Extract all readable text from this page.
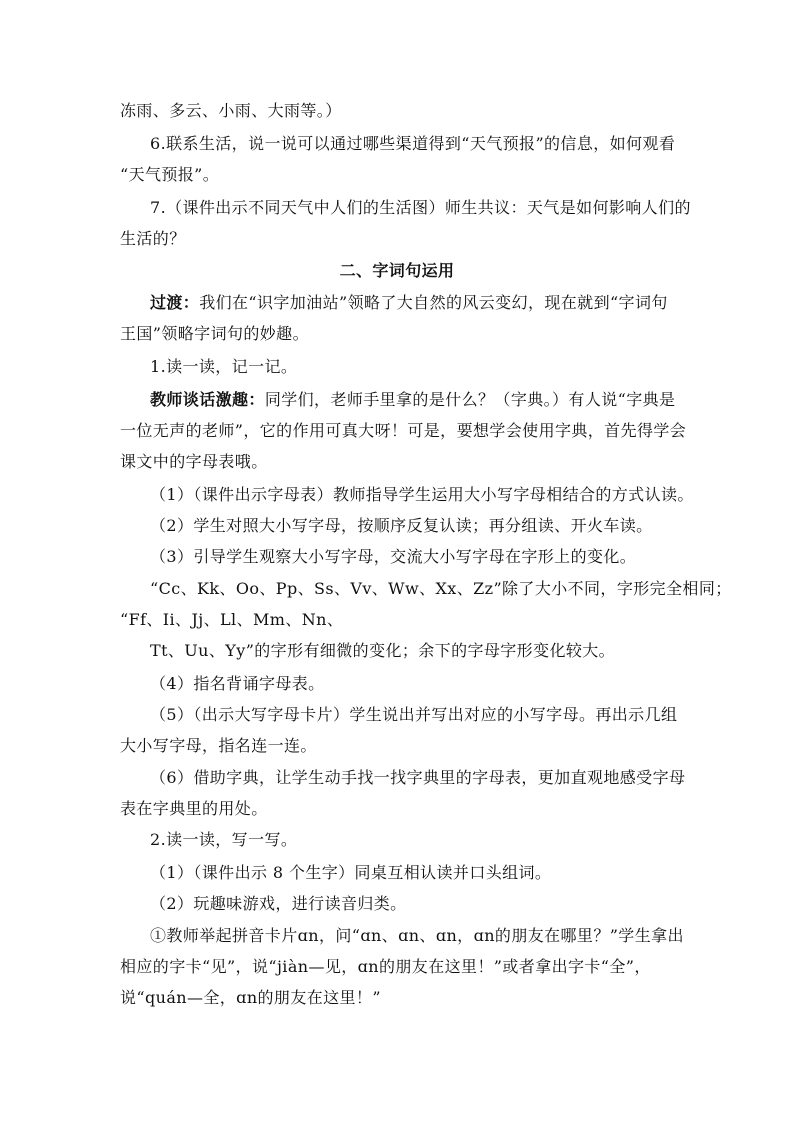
冻雨、多云、小雨、大雨等。）

6.联系生活，说一说可以通过哪些渠道得到“天气预报”的信息，如何观看

“天气预报”。

7.（课件出示不同天气中人们的生活图）师生共议：天气是如何影响人们的

生活的？

二、字词句运用

过渡：我们在“识字加油站”领略了大自然的风云变幻，现在就到“字词句

王国”领略字词句的妙趣。

1.读一读，记一记。

教师谈话激趣：同学们，老师手里拿的是什么？（字典。）有人说“字典是

一位无声的老师”，它的作用可真大呀！可是，要想学会使用字典，首先得学会

课文中的字母表哦。

（1）（课件出示字母表）教师指导学生运用大小写字母相结合的方式认读。

（2）学生对照大小写字母，按顺序反复认读；再分组读、开火车读。

（3）引导学生观察大小写字母，交流大小写字母在字形上的变化。

“Cc、Kk、Oo、Pp、Ss、Vv、Ww、Xx、Zz”除了大小不同，字形完全相同；

“Ff、Ii、Jj、Ll、Mm、Nn、

Tt、Uu、Yy”的字形有细微的变化；余下的字母字形变化较大。

（4）指名背诵字母表。

（5）（出示大写字母卡片）学生说出并写出对应的小写字母。再出示几组

大小写字母，指名连一连。

（6）借助字典，让学生动手找一找字典里的字母表，更加直观地感受字母

表在字典里的用处。

2.读一读，写一写。

（1）（课件出示 8 个生字）同桌互相认读并口头组词。

（2）玩趣味游戏，进行读音归类。

①教师举起拼音卡片ɑn，问“ɑn、ɑn、ɑn，ɑn的朋友在哪里？”学生拿出

相应的字卡“见”，说“jiàn—见，ɑn的朋友在这里！”或者拿出字卡“全”，

说“quán—全，ɑn的朋友在这里！”
